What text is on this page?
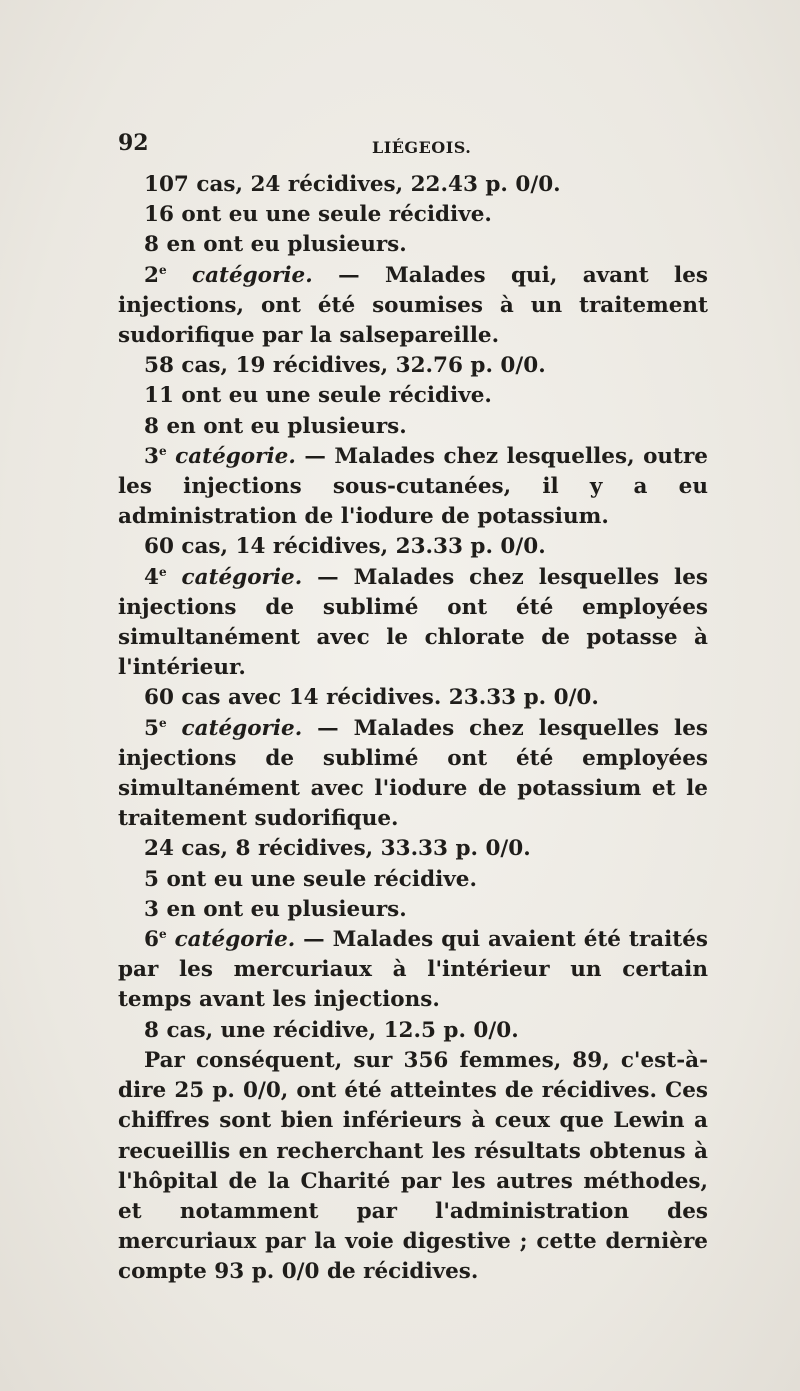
92	LIÉGEOIS.

107 cas, 24 récidives, 22.43 p. 0/0.

16 ont eu une seule récidive.

8 en ont eu plusieurs.

2e catégorie. — Malades qui, avant les injections, ont été soumises à un traitement sudorifique par la salsepareille.

58 cas, 19 récidives, 32.76 p. 0/0.

11 ont eu une seule récidive.

8 en ont eu plusieurs.

3e catégorie. — Malades chez lesquelles, outre les injections sous-cutanées, il y a eu administration de l'iodure de potassium.

60 cas, 14 récidives, 23.33 p. 0/0.

4e catégorie. — Malades chez lesquelles les injections de sublimé ont été employées simultanément avec le chlorate de potasse à l'intérieur.

60 cas avec 14 récidives. 23.33 p. 0/0.

5e catégorie. — Malades chez lesquelles les injections de sublimé ont été employées simultanément avec l'iodure de potassium et le traitement sudorifique.

24 cas, 8 récidives, 33.33 p. 0/0.

5 ont eu une seule récidive.

3 en ont eu plusieurs.

6e catégorie. — Malades qui avaient été traités par les mercuriaux à l'intérieur un certain temps avant les injections.

8 cas, une récidive, 12.5 p. 0/0.

Par conséquent, sur 356 femmes, 89, c'est-à-dire 25 p. 0/0, ont été atteintes de récidives. Ces chiffres sont bien inférieurs à ceux que Lewin a recueillis en recherchant les résultats obtenus à l'hôpital de la Charité par les autres méthodes, et notamment par l'administration des mercuriaux par la voie digestive ; cette dernière compte 93 p. 0/0 de récidives.
